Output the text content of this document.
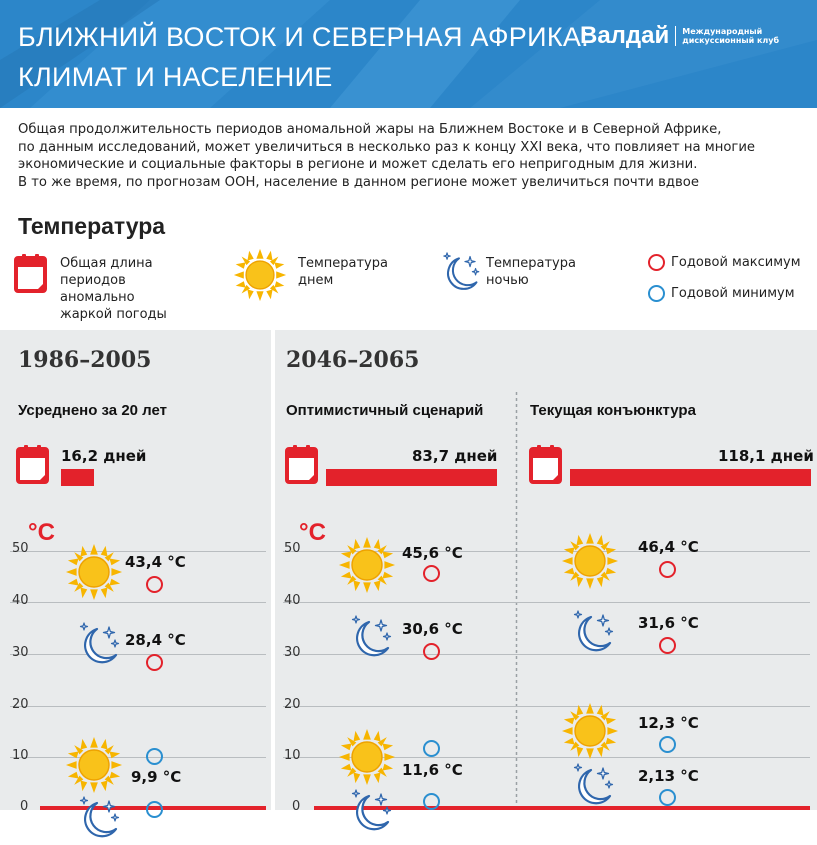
БЛИЖНИЙ ВОСТОК И СЕВЕРНАЯ АФРИКА:
КЛИМАТ И НАСЕЛЕНИЕ
Валдай Международный
дискуссионный клуб
Общая продолжительность периодов аномальной жары на Ближнем Востоке и в Северной Африке,
по данным исследований, может увеличиться в несколько раз к концу XXI века, что повлияет на многие
экономические и социальные факторы в регионе и может сделать его непригодным для жизни.
В то же время, по прогнозам ООН, население в данном регионе может увеличиться почти вдвое
Температура
Общая длина
периодов
аномально
жаркой погоды
Температура
днем
Температура
ночью
Годовой максимум
Годовой минимум
1986–2005	2046–2065
Усреднено за 20 лет	Оптимистичный сценарий	Текущая конъюнктура
16,2 дней	83,7 дней	118,1 дней
°C	°C
50
40
30
20
10
0
50
40
30
20
10
0
43,4 °C
28,4 °C
9,9 °C
45,6 °C
30,6 °C
11,6 °C
46,4 °C
31,6 °C
12,3 °C
2,13 °C
